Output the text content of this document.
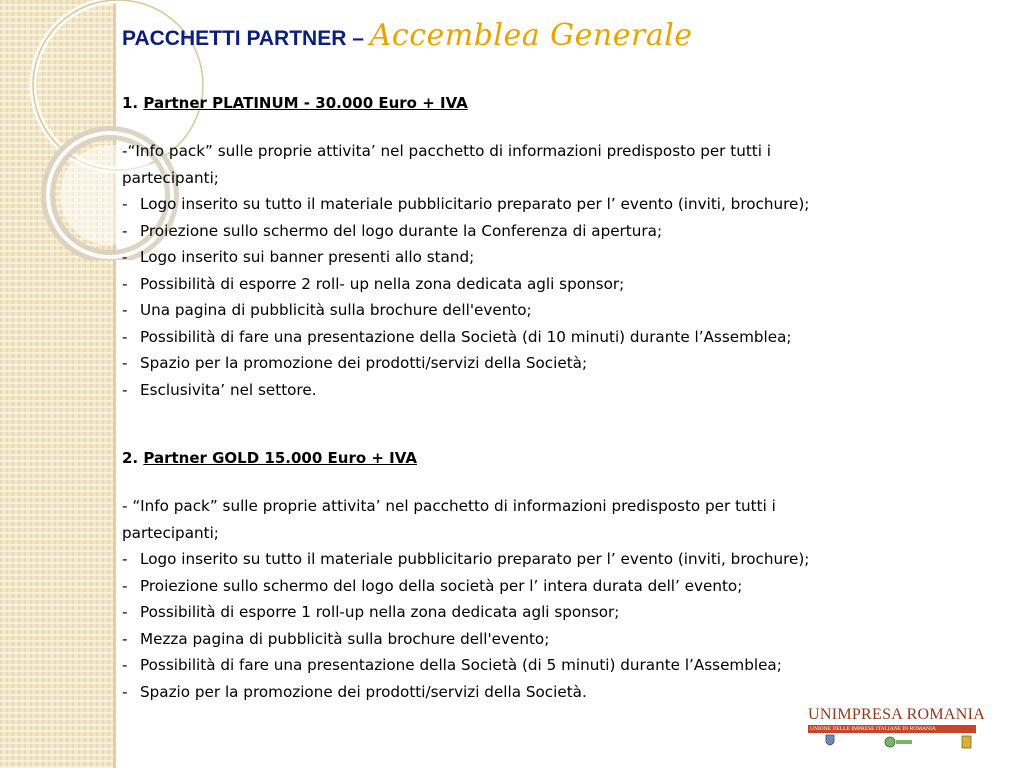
PACCHETTI PARTNER – Accemblea Generale
1. Partner PLATINUM - 30.000 Euro + IVA
-“Info pack” sulle proprie attivita’ nel pacchetto di informazioni predisposto per tutti i
partecipanti;
- Logo inserito su tutto il materiale pubblicitario preparato per l’ evento (inviti, brochure);
- Proiezione sullo schermo del logo durante la Conferenza di apertura;
- Logo inserito sui banner presenti allo stand;
- Possibilità di esporre 2 roll- up nella zona dedicata agli sponsor;
- Una pagina di pubblicità sulla brochure dell'evento;
- Possibilità di fare una presentazione della Società (di 10 minuti) durante l’Assemblea;
- Spazio per la promozione dei prodotti/servizi della Società;
- Esclusivita’ nel settore.
2. Partner GOLD 15.000 Euro + IVA
- “Info pack” sulle proprie attivita’ nel pacchetto di informazioni predisposto per tutti i
partecipanti;
- Logo inserito su tutto il materiale pubblicitario preparato per l’ evento (inviti, brochure);
- Proiezione sullo schermo del logo della società per l’ intera durata dell’ evento;
- Possibilità di esporre 1 roll-up nella zona dedicata agli sponsor;
- Mezza pagina di pubblicità sulla brochure dell'evento;
- Possibilità di fare una presentazione della Società (di 5 minuti) durante l’Assemblea;
- Spazio per la promozione dei prodotti/servizi della Società.
UNIMPRESA ROMANIA
UNIONE DELLE IMPRESE ITALIANE IN ROMANIA
